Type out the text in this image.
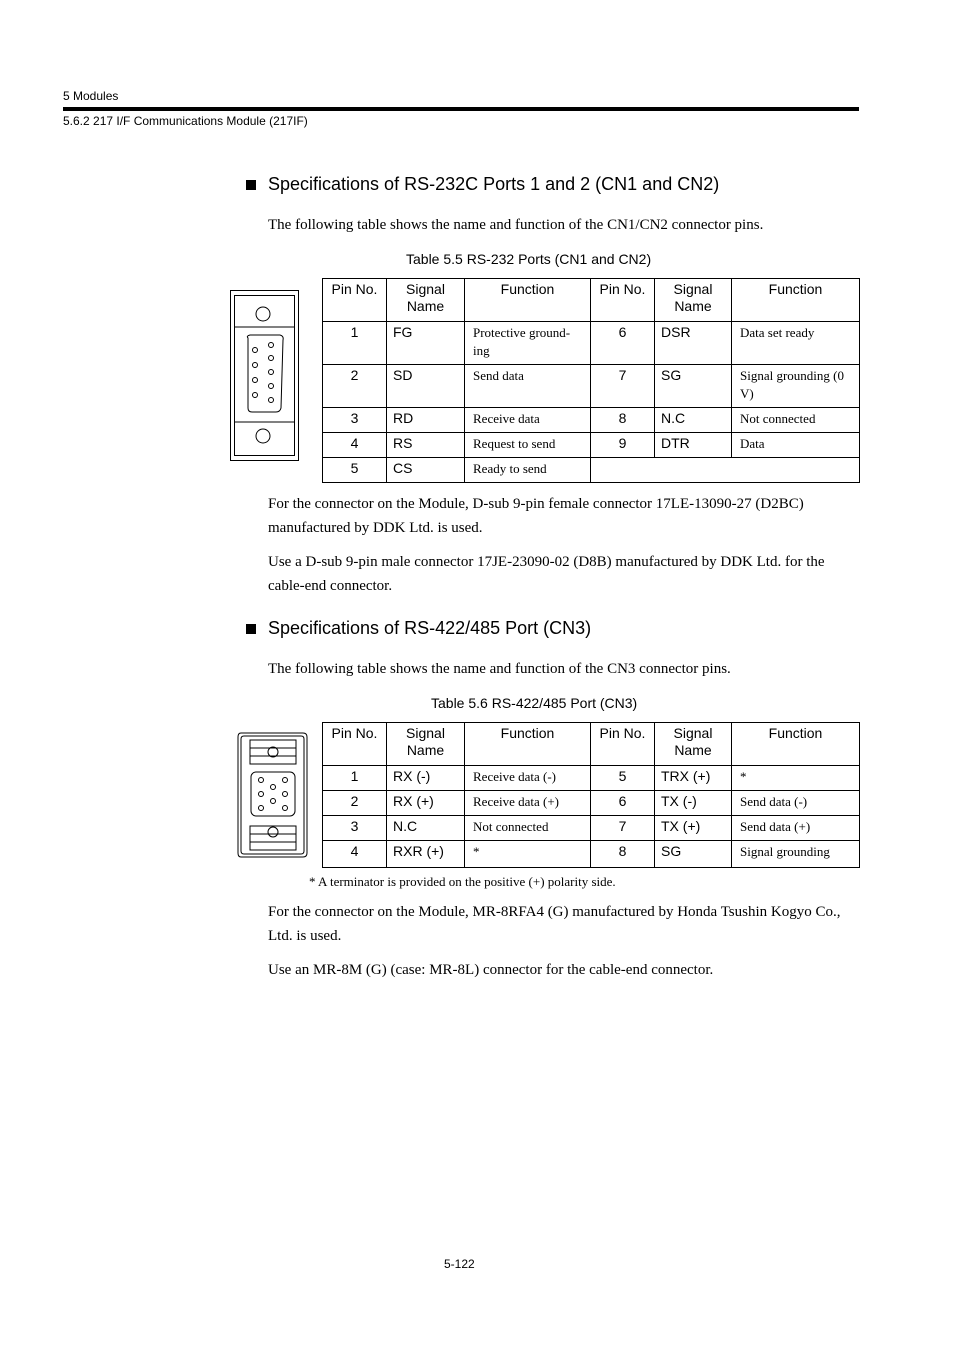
5 Modules
5.6.2 217 I/F Communications Module (217IF)
Specifications of RS-232C Ports 1 and 2 (CN1 and CN2)
The following table shows the name and function of the CN1/CN2 connector pins.
Table 5.5 RS-232 Ports (CN1 and CN2)
Pin No.	Signal Name	Function	Pin No.	Signal Name	Function
1	FG	Protective ground-ing	6	DSR	Data set ready
2	SD	Send data	7	SG	Signal grounding (0 V)
3	RD	Receive data	8	N.C	Not connected
4	RS	Request to send	9	DTR	Data
5	CS	Ready to send			
For the connector on the Module, D-sub 9-pin female connector 17LE-13090-27 (D2BC) manufactured by DDK Ltd. is used.
Use a D-sub 9-pin male connector 17JE-23090-02 (D8B) manufactured by DDK Ltd. for the cable-end connector.
Specifications of RS-422/485 Port (CN3)
The following table shows the name and function of the CN3 connector pins.
Table 5.6 RS-422/485 Port (CN3)
Pin No.	Signal Name	Function	Pin No.	Signal Name	Function
1	RX (-)	Receive data (-)	5	TRX (+)	*
2	RX (+)	Receive data (+)	6	TX (-)	Send data (-)
3	N.C	Not connected	7	TX (+)	Send data (+)
4	RXR (+)	*	8	SG	Signal grounding
* A terminator is provided on the positive (+) polarity side.
For the connector on the Module, MR-8RFA4 (G) manufactured by Honda Tsushin Kogyo Co., Ltd. is used.
Use an MR-8M (G) (case: MR-8L) connector for the cable-end connector.
5-122
